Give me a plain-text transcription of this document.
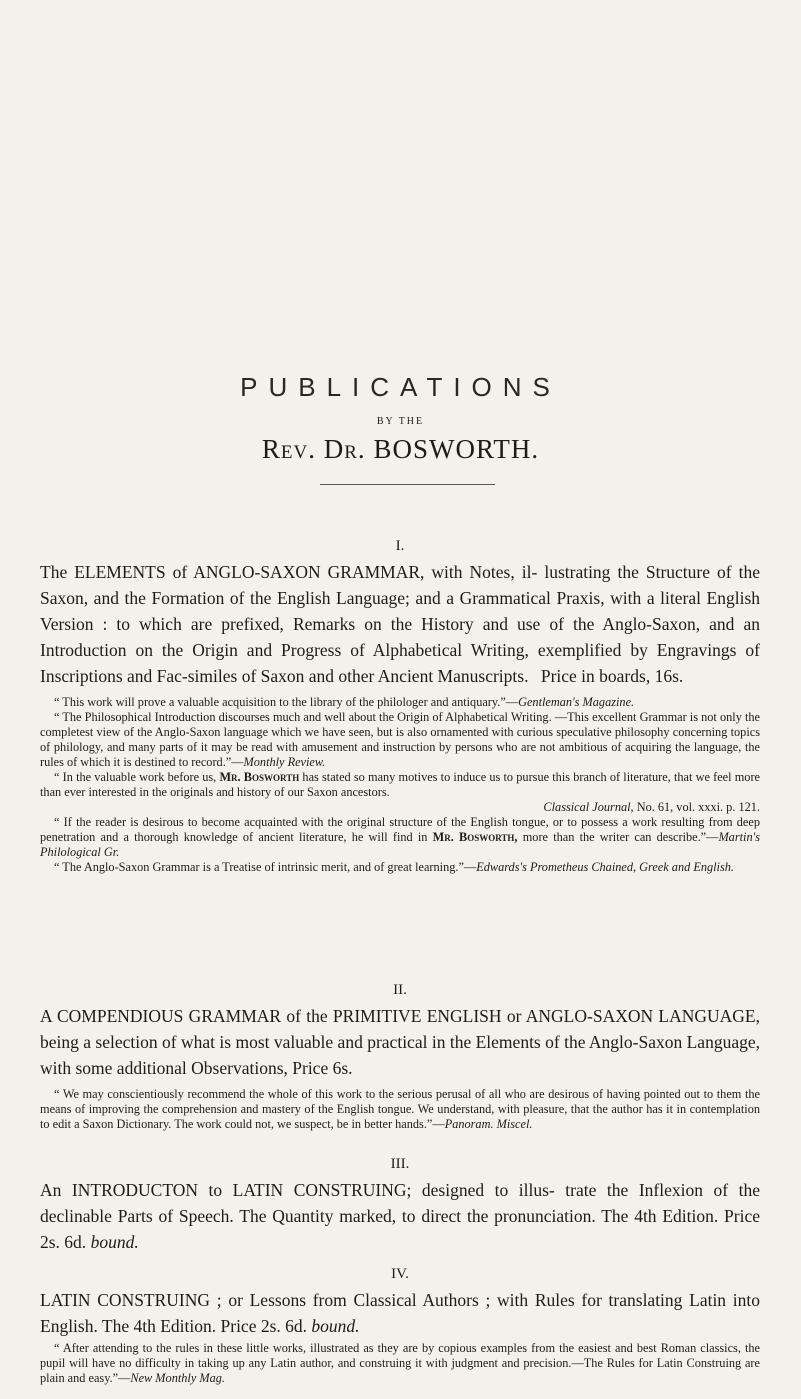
PUBLICATIONS
BY THE
Rev. Dr. BOSWORTH.
I.

The ELEMENTS of ANGLO-SAXON GRAMMAR, with Notes, il- lustrating the Structure of the Saxon, and the Formation of the English Language; and a Grammatical Praxis, with a literal English Version : to which are prefixed, Remarks on the History and use of the Anglo-Saxon, and an Introduction on the Origin and Progress of Alphabetical Writing, exemplified by Engravings of Inscriptions and Fac-similes of Saxon and other Ancient Manuscripts. Price in boards, 16s.

“ This work will prove a valuable acquisition to the library of the philologer and antiquary.”—Gentleman's Magazine.

“ The Philosophical Introduction discourses much and well about the Origin of Alphabetical Writing. —This excellent Grammar is not only the completest view of the Anglo-Saxon language which we have seen, but is also ornamented with curious speculative philosophy concerning topics of philology, and many parts of it may be read with amusement and instruction by persons who are not ambitious of acquiring the language, the rules of which it is destined to record.”—Monthly Review.

“ In the valuable work before us, Mr. Bosworth has stated so many motives to induce us to pursue this branch of literature, that we feel more than ever interested in the originals and history of our Saxon ancestors.

Classical Journal, No. 61, vol. xxxi. p. 121.

“ If the reader is desirous to become acquainted with the original structure of the English tongue, or to possess a work resulting from deep penetration and a thorough knowledge of ancient literature, he will find in Mr. Bosworth, more than the writer can describe.”—Martin's Philological Gr.

“ The Anglo-Saxon Grammar is a Treatise of intrinsic merit, and of great learning.”—Edwards's Prometheus Chained, Greek and English.

II.

A COMPENDIOUS GRAMMAR of the PRIMITIVE ENGLISH or ANGLO-SAXON LANGUAGE, being a selection of what is most valuable and practical in the Elements of the Anglo-Saxon Language, with some additional Observations, Price 6s.

“ We may conscientiously recommend the whole of this work to the serious perusal of all who are desirous of having pointed out to them the means of improving the comprehension and mastery of the English tongue. We understand, with pleasure, that the author has it in contemplation to edit a Saxon Dictionary. The work could not, we suspect, be in better hands.”—Panoram. Miscel.

III.

An INTRODUCTON to LATIN CONSTRUING; designed to illus- trate the Inflexion of the declinable Parts of Speech. The Quantity marked, to direct the pronunciation. The 4th Edition. Price 2s. 6d. bound.

IV.

LATIN CONSTRUING ; or Lessons from Classical Authors ; with Rules for translating Latin into English. The 4th Edition. Price 2s. 6d. bound.

“ After attending to the rules in these little works, illustrated as they are by copious examples from the easiest and best Roman classics, the pupil will have no difficulty in taking up any Latin author, and construing it with judgment and precision.—The Rules for Latin Construing are plain and easy.”—New Monthly Mag.
